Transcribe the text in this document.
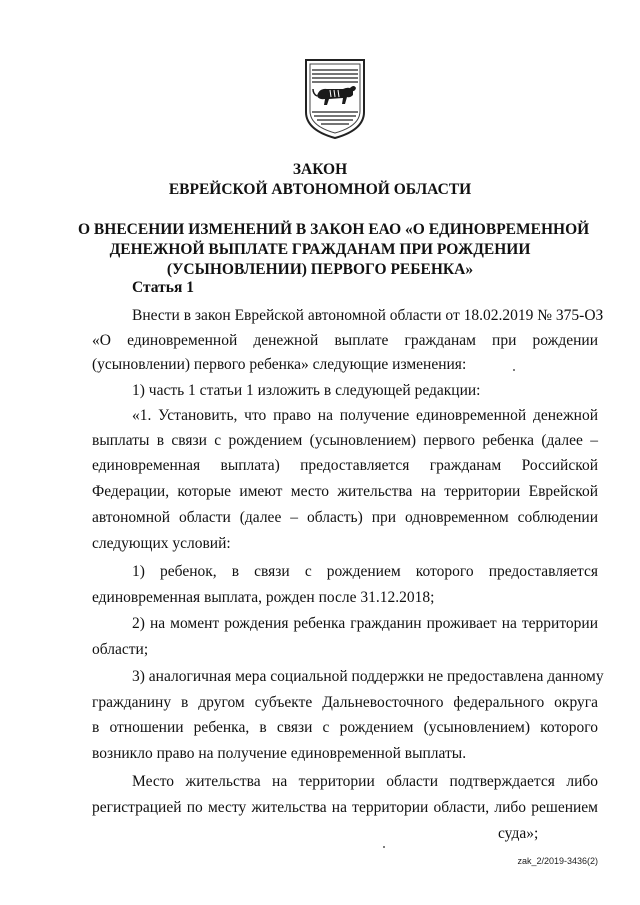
ЗАКОН
ЕВРЕЙСКОЙ АВТОНОМНОЙ ОБЛАСТИ
О ВНЕСЕНИИ ИЗМЕНЕНИЙ В ЗАКОН ЕАО «О ЕДИНОВРЕМЕННОЙ
ДЕНЕЖНОЙ ВЫПЛАТЕ ГРАЖДАНАМ ПРИ РОЖДЕНИИ
(УСЫНОВЛЕНИИ) ПЕРВОГО РЕБЕНКА»
Статья 1
Внести в закон Еврейской автономной области от 18.02.2019 № 375-ОЗ
«О единовременной денежной выплате гражданам при рождении
(усыновлении) первого ребенка» следующие изменения:
1) часть 1 статьи 1 изложить в следующей редакции:
«1. Установить, что право на получение единовременной денежной
выплаты в связи с рождением (усыновлением) первого ребенка (далее –
единовременная выплата) предоставляется гражданам Российской
Федерации, которые имеют место жительства на территории Еврейской
автономной области (далее – область) при одновременном соблюдении
следующих условий:
1) ребенок, в связи с рождением которого предоставляется
единовременная выплата, рожден после 31.12.2018;
2) на момент рождения ребенка гражданин проживает на территории
области;
3) аналогичная мера социальной поддержки не предоставлена данному
гражданину в другом субъекте Дальневосточного федерального округа
в отношении ребенка, в связи с рождением (усыновлением) которого
возникло право на получение единовременной выплаты.
Место жительства на территории области подтверждается либо
регистрацией по месту жительства на территории области, либо решением
суда»;
zak_2/2019-3436(2)
